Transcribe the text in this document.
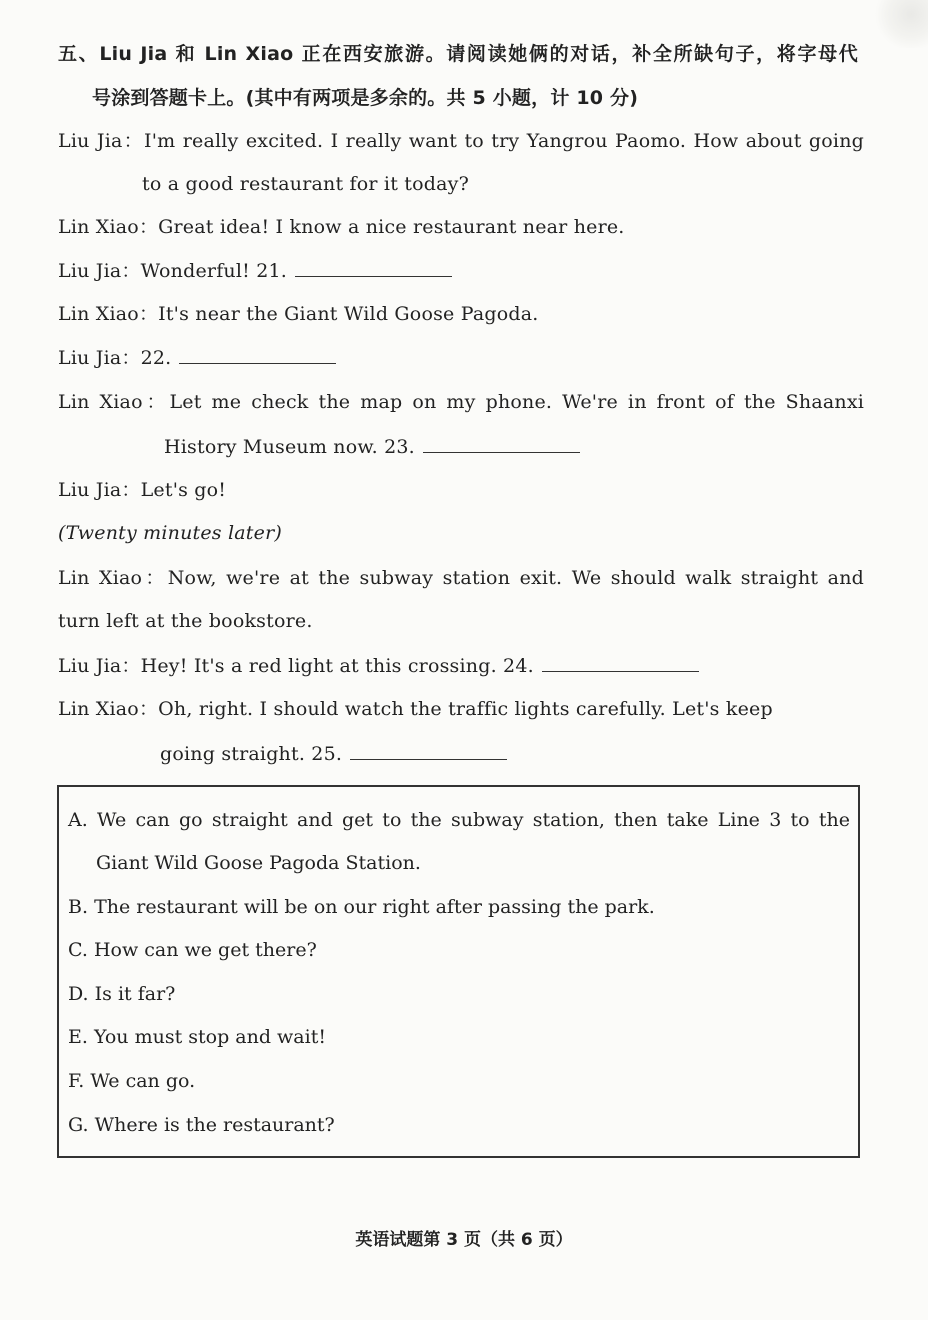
五、Liu Jia 和 Lin Xiao 正在西安旅游。请阅读她俩的对话，补全所缺句子，将字母代
号涂到答题卡上。(其中有两项是多余的。共 5 小题，计 10 分)
Liu Jia：I'm really excited. I really want to try Yangrou Paomo. How about going
to a good restaurant for it today?
Lin Xiao：Great idea! I know a nice restaurant near here.
Liu Jia：Wonderful! 21.
Lin Xiao：It's near the Giant Wild Goose Pagoda.
Liu Jia：22.
Lin Xiao：Let me check the map on my phone. We're in front of the Shaanxi
History Museum now. 23.
Liu Jia：Let's go!
(Twenty minutes later)
Lin Xiao：Now, we're at the subway station exit. We should walk straight and
turn left at the bookstore.
Liu Jia：Hey! It's a red light at this crossing. 24.
Lin Xiao：Oh, right. I should watch the traffic lights carefully. Let's keep
going straight. 25.
A. We can go straight and get to the subway station, then take Line 3 to the
Giant Wild Goose Pagoda Station.
B. The restaurant will be on our right after passing the park.
C. How can we get there?
D. Is it far?
E. You must stop and wait!
F. We can go.
G. Where is the restaurant?
英语试题第 3 页（共 6 页）
